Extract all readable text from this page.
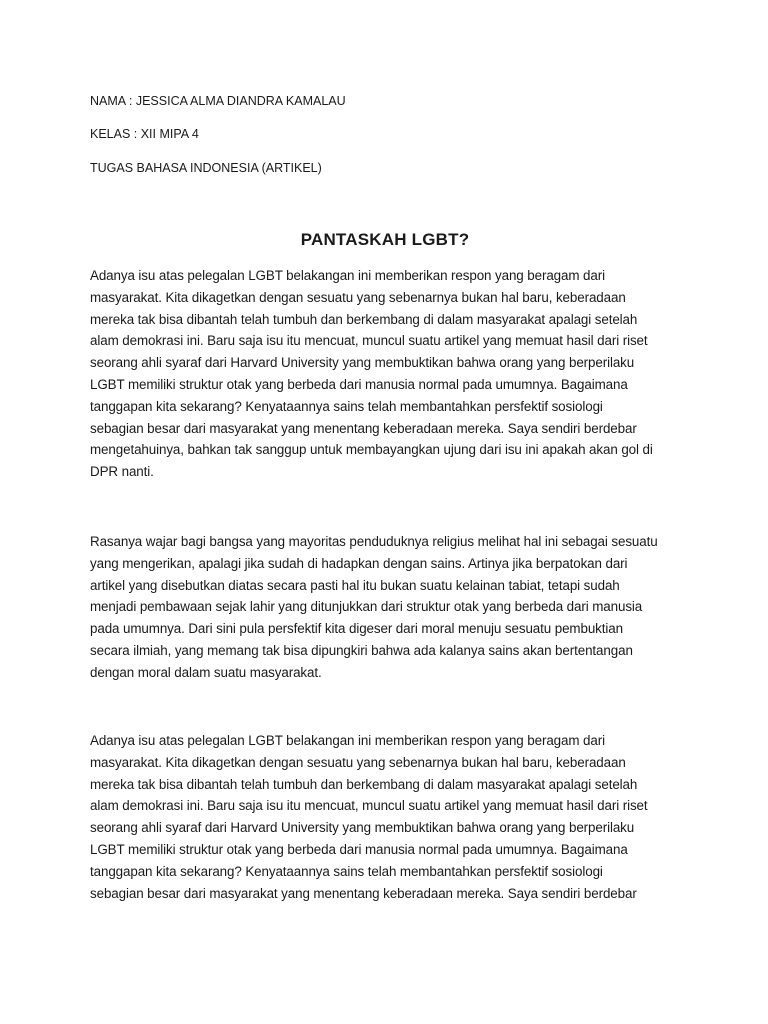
NAMA : JESSICA ALMA DIANDRA KAMALAU

KELAS : XII MIPA 4

TUGAS BAHASA INDONESIA (ARTIKEL)

PANTASKAH LGBT?
Adanya isu atas pelegalan LGBT belakangan ini memberikan respon yang beragam dari
masyarakat. Kita dikagetkan dengan sesuatu yang sebenarnya bukan hal baru, keberadaan
mereka tak bisa dibantah telah tumbuh dan berkembang di dalam masyarakat apalagi setelah
alam demokrasi ini. Baru saja isu itu mencuat, muncul suatu artikel yang memuat hasil dari riset
seorang ahli syaraf dari Harvard University yang membuktikan bahwa orang yang berperilaku
LGBT memiliki struktur otak yang berbeda dari manusia normal pada umumnya. Bagaimana
tanggapan kita sekarang? Kenyataannya sains telah membantahkan persfektif sosiologi
sebagian besar dari masyarakat yang menentang keberadaan mereka. Saya sendiri berdebar
mengetahuinya, bahkan tak sanggup untuk membayangkan ujung dari isu ini apakah akan gol di
DPR nanti.
Rasanya wajar bagi bangsa yang mayoritas penduduknya religius melihat hal ini sebagai sesuatu
yang mengerikan, apalagi jika sudah di hadapkan dengan sains. Artinya jika berpatokan dari
artikel yang disebutkan diatas secara pasti hal itu bukan suatu kelainan tabiat, tetapi sudah
menjadi pembawaan sejak lahir yang ditunjukkan dari struktur otak yang berbeda dari manusia
pada umumnya. Dari sini pula persfektif kita digeser dari moral menuju sesuatu pembuktian
secara ilmiah, yang memang tak bisa dipungkiri bahwa ada kalanya sains akan bertentangan
dengan moral dalam suatu masyarakat.
Adanya isu atas pelegalan LGBT belakangan ini memberikan respon yang beragam dari
masyarakat. Kita dikagetkan dengan sesuatu yang sebenarnya bukan hal baru, keberadaan
mereka tak bisa dibantah telah tumbuh dan berkembang di dalam masyarakat apalagi setelah
alam demokrasi ini. Baru saja isu itu mencuat, muncul suatu artikel yang memuat hasil dari riset
seorang ahli syaraf dari Harvard University yang membuktikan bahwa orang yang berperilaku
LGBT memiliki struktur otak yang berbeda dari manusia normal pada umumnya. Bagaimana
tanggapan kita sekarang? Kenyataannya sains telah membantahkan persfektif sosiologi
sebagian besar dari masyarakat yang menentang keberadaan mereka. Saya sendiri berdebar
